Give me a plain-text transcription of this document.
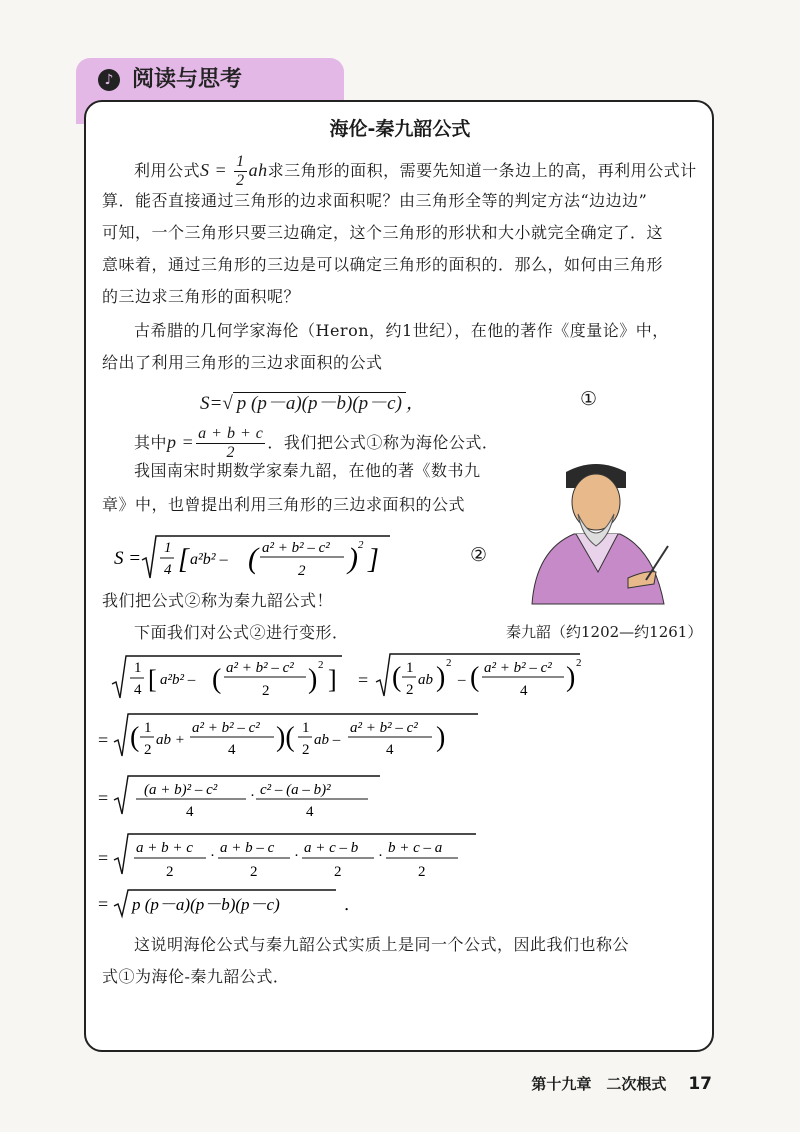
♪ 阅读与思考
海伦-秦九韶公式
利用公式$S = \frac{1}{2}$ ah求三角形的面积，需要先知道一条边上的高，再利用公式计
算．能否直接通过三角形的边求面积呢？由三角形全等的判定方法“边边边”
可知，一个三角形只要三边确定，这个三角形的形状和大小就完全确定了．这
意味着，通过三角形的三边是可以确定三角形的面积的．那么，如何由三角形
的三边求三角形的面积呢？
古希腊的几何学家海伦（Heron，约1世纪），在他的著作《度量论》中，
给出了利用三角形的三边求面积的公式
S=√ p (p－a)(p－b)(p－c) ，	①
其中$p = \frac{a + b + c}{2}$ ．我们把公式①称为海伦公式．
我国南宋时期数学家秦九韶，在他的著《数书九
章》中，也曾提出利用三角形的三边求面积的公式
S = 1
4 [ a²b² – ( a² + b² – c²
2 ) 2 ]	②
我们把公式②称为秦九韶公式！
下面我们对公式②进行变形．	秦九韶（约1202—约1261）
1
4 [ a²b² – ( a² + b² – c²
2 ) 2 ] = ( 1
2
ab ) 2
– ( a² + b² – c²
4 ) 2
= ( 1
2
ab +
a² + b² – c²
4 )( 1
2
ab –
a² + b² – c²
4 )
= (a + b)² – c²
4
· c² – (a – b)²
4
= a + b + c
2
· a + b – c
2
· a + c – b
2
· b + c – a
2
= p (p－a)(p－b)(p－c)	．
这说明海伦公式与秦九韶公式实质上是同一个公式，因此我们也称公
式①为海伦-秦九韶公式．
第十九章　二次根式 17
